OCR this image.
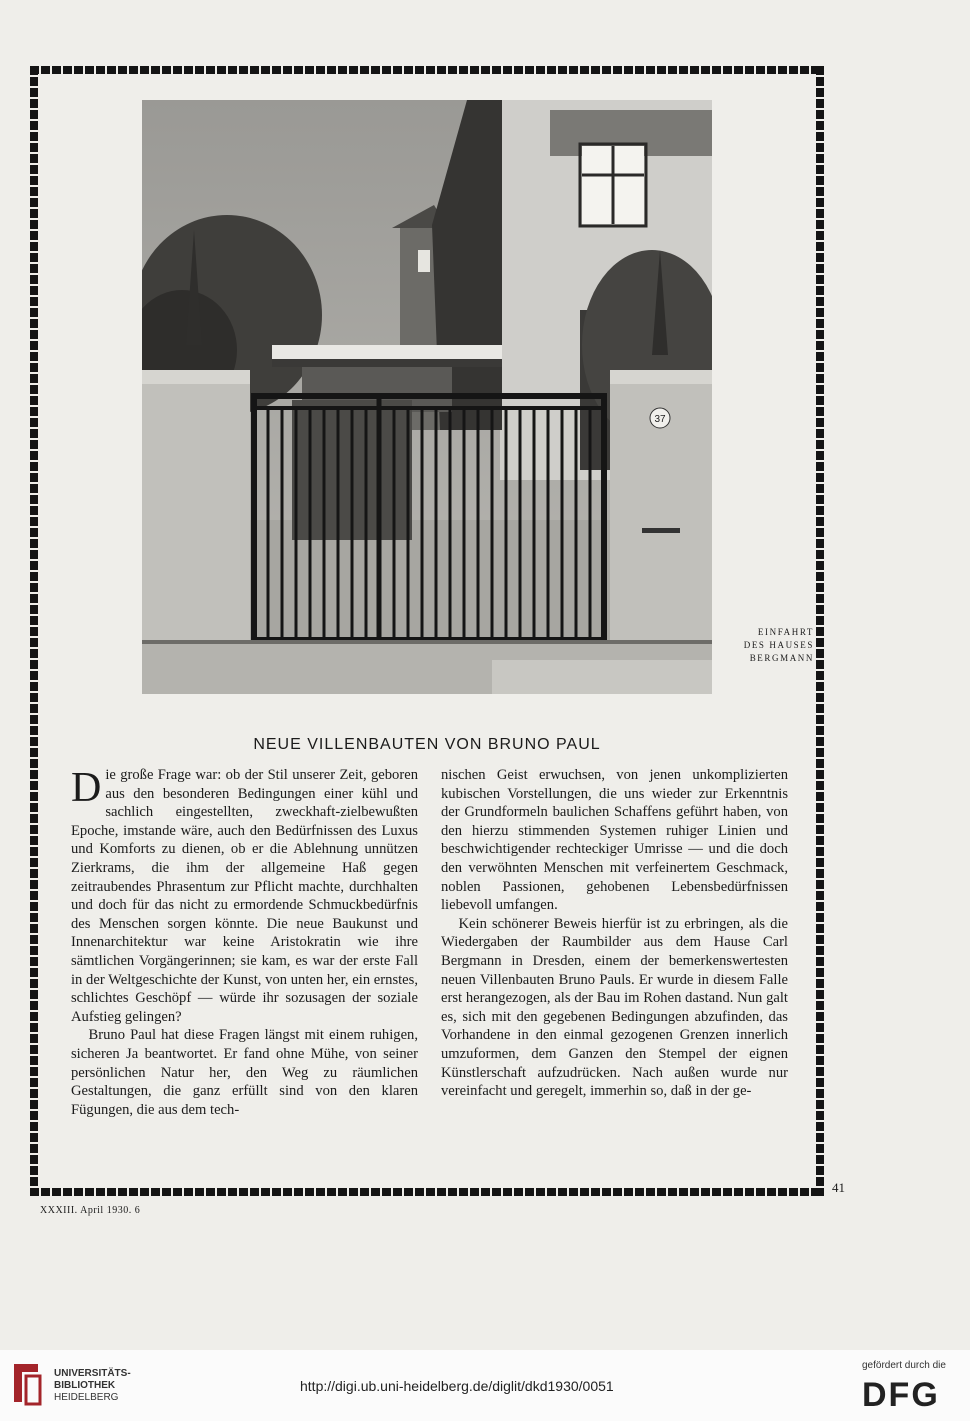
37
EINFAHRT
DES HAUSES
BERGMANN
NEUE VILLENBAUTEN VON BRUNO PAUL

Die große Frage war: ob der Stil unserer Zeit, geboren aus den besonderen Bedingungen einer kühl und sachlich eingestellten, zweckhaft-zielbewußten Epoche, imstande wäre, auch den Bedürfnissen des Luxus und Komforts zu dienen, ob er die Ablehnung unnützen Zierkrams, die ihm der allgemeine Haß gegen zeitraubendes Phrasentum zur Pflicht machte, durchhalten und doch für das nicht zu ermordende Schmuckbedürfnis des Menschen sorgen könnte. Die neue Baukunst und Innenarchitektur war keine Aristokratin wie ihre sämtlichen Vorgängerinnen; sie kam, es war der erste Fall in der Weltgeschichte der Kunst, von unten her, ein ernstes, schlichtes Geschöpf — würde ihr sozusagen der soziale Aufstieg gelingen?

Bruno Paul hat diese Fragen längst mit einem ruhigen, sicheren Ja beantwortet. Er fand ohne Mühe, von seiner persönlichen Natur her, den Weg zu räumlichen Gestaltungen, die ganz erfüllt sind von den klaren Fügungen, die aus dem tech-

nischen Geist erwuchsen, von jenen unkomplizierten kubischen Vorstellungen, die uns wieder zur Erkenntnis der Grundformeln baulichen Schaffens geführt haben, von den hierzu stimmenden Systemen ruhiger Linien und beschwichtigender rechteckiger Umrisse — und die doch den verwöhnten Menschen mit verfeinertem Geschmack, noblen Passionen, gehobenen Lebensbedürfnissen liebevoll umfangen.

Kein schönerer Beweis hierfür ist zu erbringen, als die Wiedergaben der Raumbilder aus dem Hause Carl Bergmann in Dresden, einem der bemerkenswertesten neuen Villenbauten Bruno Pauls. Er wurde in diesem Falle erst herangezogen, als der Bau im Rohen dastand. Nun galt es, sich mit den gegebenen Bedingungen abzufinden, das Vorhandene in den einmal gezogenen Grenzen innerlich umzuformen, dem Ganzen den Stempel der eignen Künstlerschaft aufzudrücken. Nach außen wurde nur vereinfacht und geregelt, immerhin so, daß in der ge-

41
XXXIII. April 1930. 6
UNIVERSITÄTS-
BIBLIOTHEK
HEIDELBERG
http://digi.ub.uni-heidelberg.de/diglit/dkd1930/0051
gefördert durch die
DFG
